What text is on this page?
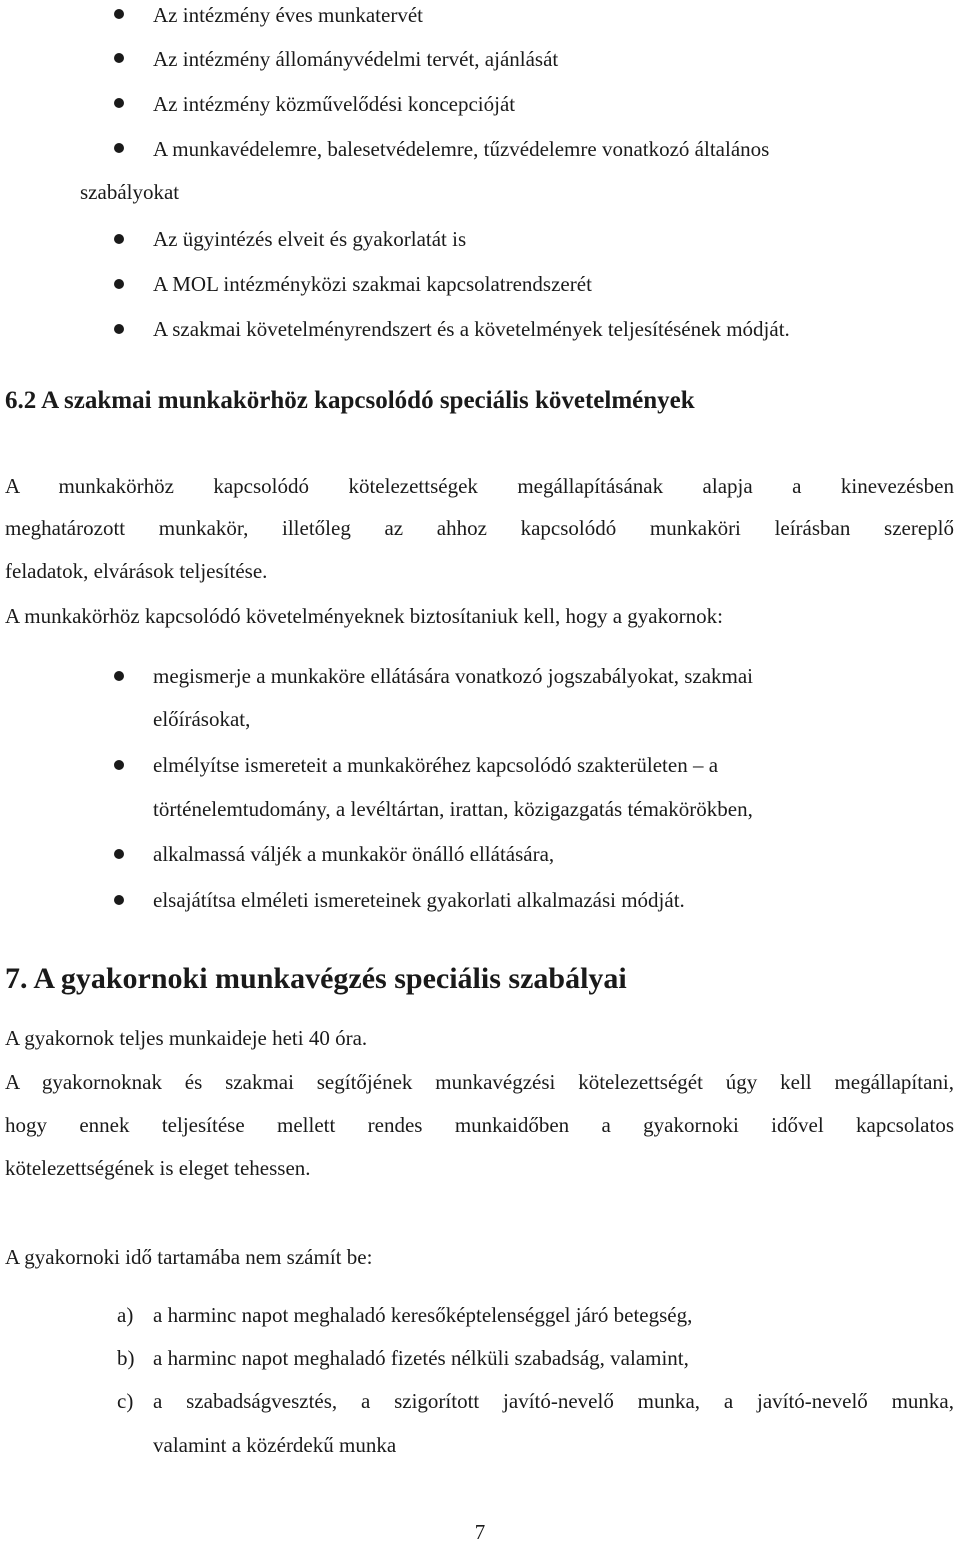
Az intézmény éves munkatervét
Az intézmény állományvédelmi tervét, ajánlását
Az intézmény közművelődési koncepcióját
A munkavédelemre, balesetvédelemre, tűzvédelemre vonatkozó általános
szabályokat
Az ügyintézés elveit és gyakorlatát is
A MOL intézményközi szakmai kapcsolatrendszerét
A szakmai követelményrendszert és a követelmények teljesítésének módját.
6.2 A szakmai munkakörhöz kapcsolódó speciális követelmények
A munkakörhöz kapcsolódó kötelezettségek megállapításának alapja a kinevezésben
meghatározott munkakör, illetőleg az ahhoz kapcsolódó munkaköri leírásban szereplő
feladatok, elvárások teljesítése.
A munkakörhöz kapcsolódó követelményeknek biztosítaniuk kell, hogy a gyakornok:
megismerje a munkaköre ellátására vonatkozó jogszabályokat, szakmai
előírásokat,
elmélyítse ismereteit a munkaköréhez kapcsolódó szakterületen – a
történelemtudomány, a levéltártan, irattan, közigazgatás témakörökben,
alkalmassá váljék a munkakör önálló ellátására,
elsajátítsa elméleti ismereteinek gyakorlati alkalmazási módját.
7. A gyakornoki munkavégzés speciális szabályai
A gyakornok teljes munkaideje heti 40 óra.
A gyakornoknak és szakmai segítőjének munkavégzési kötelezettségét úgy kell megállapítani,
hogy ennek teljesítése mellett rendes munkaidőben a gyakornoki idővel kapcsolatos
kötelezettségének is eleget tehessen.
A gyakornoki idő tartamába nem számít be:
a) a harminc napot meghaladó keresőképtelenséggel járó betegség,
b) a harminc napot meghaladó fizetés nélküli szabadság, valamint,
c) a szabadságvesztés, a szigorított javító-nevelő munka, a javító-nevelő munka,
valamint a közérdekű munka
7
